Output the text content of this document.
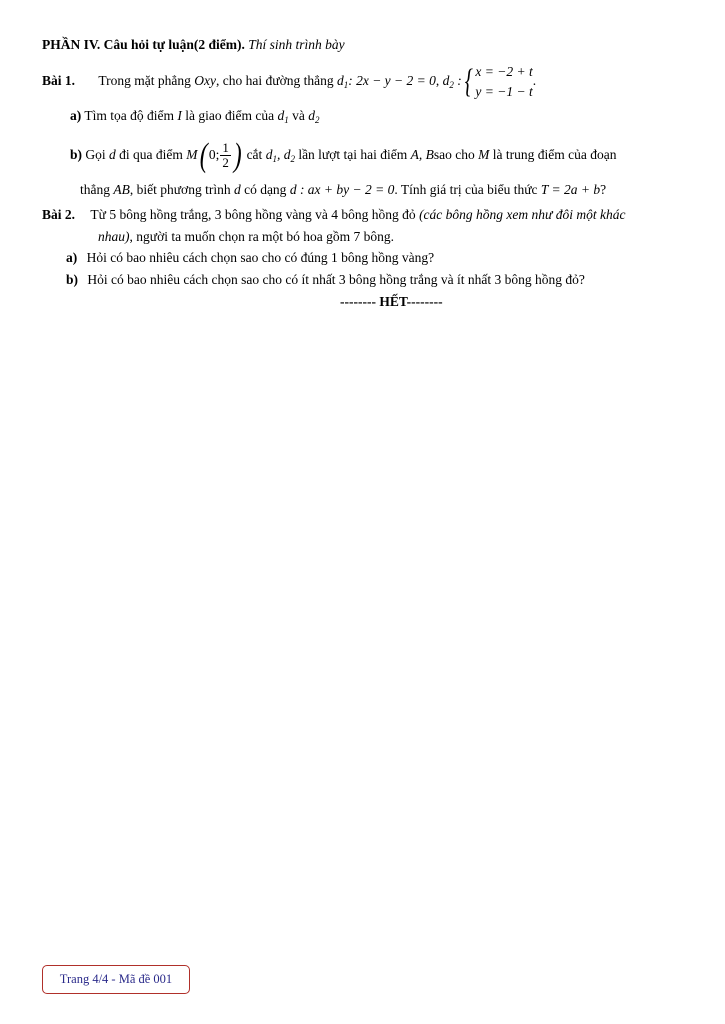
PHẦN IV. Câu hỏi tự luận(2 điểm). Thí sinh trình bày
Bài 1. Trong mặt phẳng Oxy, cho hai đường thẳng $d_1$: 2x − y − 2 = 0, $d_2$ :{ x = −2 + t
y = −1 − t
.
a) Tìm tọa độ điểm I là giao điểm của $d_1$ và $d_2$
b) Gọi d đi qua điểm M( 0; $\frac{1}{2}$ ) cắt $d_1$, $d_2$ lần lượt tại hai điểm A, Bsao cho M là trung điểm của đoạn
thẳng AB, biết phương trình d có dạng d : ax + by − 2 = 0. Tính giá trị của biểu thức T = 2a + b?
Bài 2. Từ 5 bông hồng trắng, 3 bông hồng vàng và 4 bông hồng đỏ (các bông hồng xem như đôi một khác
nhau), người ta muốn chọn ra một bó hoa gồm 7 bông.
a) Hỏi có bao nhiêu cách chọn sao cho có đúng 1 bông hồng vàng?
b) Hỏi có bao nhiêu cách chọn sao cho có ít nhất 3 bông hồng trắng và ít nhất 3 bông hồng đỏ?
-------- HẾT--------
Trang 4/4 - Mã đề 001
